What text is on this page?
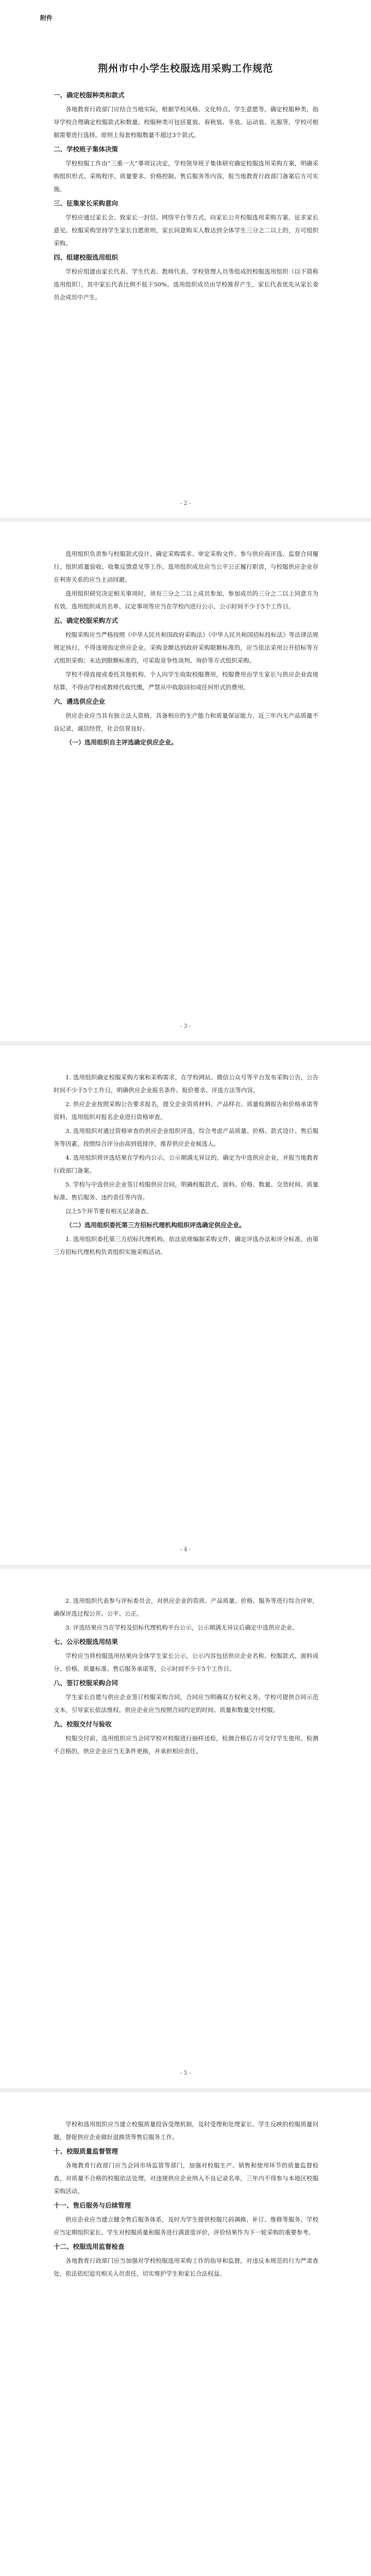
附件
荆州市中小学生校服选用采购工作规范
一、确定校服种类和款式
各地教育行政部门应结合当地实际，根据学校风格、文化特点、学生意愿等，确定校服种类，指导学校合理确定校服款式和数量。校服种类可包括夏装、春秋装、冬装、运动装、礼服等，学校可根据需要进行选择，原则上每套校服数量不超过3个款式。
二、学校班子集体决策
学校校服工作由“三重一大”事项议决定，学校领导班子集体研究确定校服选用采购方案，明确采购组织形式、采购程序、质量要求、价格控制、售后服务等内容，报当地教育行政部门备案后方可实施。
三、征集家长采购意向
学校应通过家长会、致家长一封信、网络平台等方式，向家长公开校服选用采购方案，征求家长意见。校服采购坚持学生家长自愿原则，家长同意购买人数达到全体学生三分之二以上的，方可组织采购。
四、组建校服选用组织
学校应组建由家长代表、学生代表、教师代表、学校管理人员等组成的校服选用组织（以下简称选用组织），其中家长代表比例不低于50%。选用组织成员由学校推荐产生，家长代表优先从家长委员会成员中产生。
- 2 -
选用组织负责参与校服款式设计、确定采购需求、审定采购文件、参与供应商评选、监督合同履行、组织质量验收、收集反馈意见等工作。选用组织成员应当公平公正履行职责，与校服供应企业存在利害关系的应当主动回避。
选用组织研究决定相关事项时，须有三分之二以上成员参加，参加成员的三分之二以上同意方为有效。选用组织成员名单、议定事项等应当在学校内进行公示，公示时间不少于5个工作日。
五、确定校服采购方式
校服采购应当严格按照《中华人民共和国政府采购法》《中华人民共和国招标投标法》等法律法规规定执行，不得违规指定供应企业。采购金额达到政府采购限额标准的，应当依法采用公开招标等方式组织采购；未达到限额标准的，可采取竞争性谈判、询价等方式组织采购。
学校不得直接或委托其他机构、个人向学生收取校服费用，校服费用由学生家长与供应企业直接结算，不得由学校或教师代收代缴，严禁从中收取回扣或任何形式的费用。
六、遴选供应企业
供应企业应当具有独立法人资格，具备相应的生产能力和质量保证能力，近三年内无产品质量不良记录，诚信经营，社会信誉良好。
（一）选用组织自主评选确定供应企业。
- 3 -
1. 选用组织确定校服采购方案和采购需求，在学校网站、微信公众号等平台发布采购公告，公告时间不少于5个工作日，明确供应企业报名条件、报价要求、评选方法等内容。
2. 供应企业按照采购公告要求报名，提交企业资质材料、产品样衣、质量检测报告和价格承诺等资料，选用组织对报名企业进行资格审查。
3. 选用组织对通过资格审查的供应企业组织评选，综合考虑产品质量、价格、款式设计、售后服务等因素，按照综合评分由高到低排序，推荐供应企业候选人。
4. 选用组织将评选结果在学校内公示，公示期满无异议的，确定为中选供应企业，并报当地教育行政部门备案。
5. 学校与中选供应企业签订校服供应合同，明确校服款式、面料、价格、数量、交货时间、质量标准、售后服务、违约责任等内容。
以上5个环节要有相关记录备查。
（二）选用组织委托第三方招标代理机构组织评选确定供应企业。
1. 选用组织委托第三方招标代理机构，依法依规编制采购文件，确定评选办法和评分标准，由第三方招标代理机构负责组织实施采购活动。
- 4 -
2. 选用组织代表参与评标委员会，对供应企业的资质、产品质量、价格、服务等进行综合评审，确保评选过程公开、公平、公正。
3. 评选结果应当在学校及招标代理机构平台公示，公示期满无异议后确定中选供应企业。
七、公示校服选用结果
学校应当将校服选用结果向全体学生家长公示，公示内容包括供应企业名称、校服款式、面料成分、价格、质量标准、售后服务承诺等，公示时间不少于5个工作日。
八、签订校服采购合同
学生家长自愿与供应企业签订校服采购合同，合同应当明确双方权利义务。学校可提供合同示范文本，引导家长依法维权。供应企业应当按照合同约定的时间、质量和数量交付校服。
九、校服交付与验收
校服交付前，选用组织应当会同学校对校服进行抽样送检，检测合格后方可交付学生使用。检测不合格的，供应企业应当无条件更换，并承担相应责任。
- 5 -
学校和选用组织应当建立校服质量投诉受理机制，及时受理和处理家长、学生反映的校服质量问题，督促供应企业做好退换货等售后服务工作。
十、校服质量监督管理
各地教育行政部门应当会同市场监管等部门，加强对校服生产、销售和使用环节的质量监督检查，对质量不合格的校服依法处理，对违规供应企业纳入不良记录名单，三年内不得参与本地区校服采购活动。
十一、售后服务与后续管理
供应企业应当建立健全售后服务体系，及时为学生提供校服尺码调换、补订、维修等服务。学校应当定期组织家长、学生对校服质量和服务进行满意度评价，评价结果作为下一轮采购的重要参考。
十二、校服选用监督检查
各地教育行政部门应当加强对学校校服选用采购工作的指导和监督，对违反本规范的行为严肃查处，依法依纪追究相关人员责任，切实维护学生和家长合法权益。
